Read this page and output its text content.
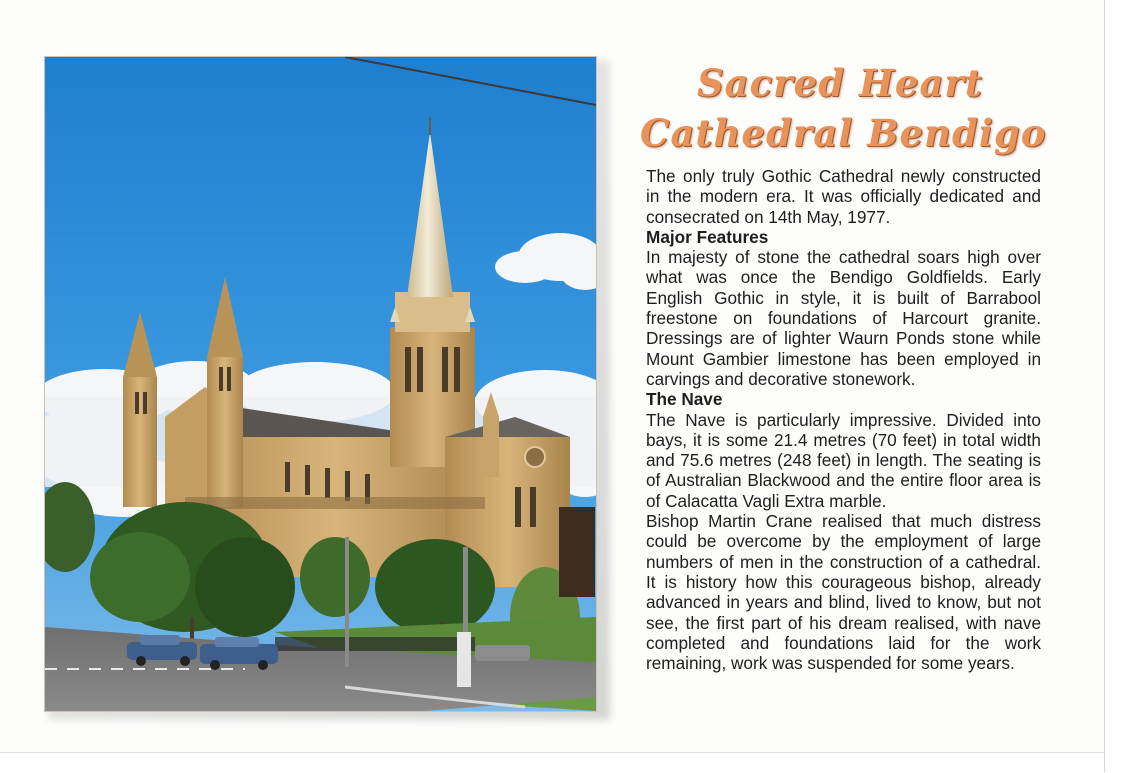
Sacred Heart
Cathedral Bendigo

The only truly Gothic Cathedral newly constructed in the modern era. It was officially dedicated and consecrated on 14th May, 1977.

Major Features

In majesty of stone the cathedral soars high over what was once the Bendigo Goldfields. Early English Gothic in style, it is built of Barrabool freestone on foundations of Harcourt granite. Dressings are of lighter Waurn Ponds stone while Mount Gambier limestone has been employed in carvings and decorative stonework.

The Nave

The Nave is particularly impressive. Divided into bays, it is some 21.4 metres (70 feet) in total width and 75.6 metres (248 feet) in length. The seating is of Australian Blackwood and the entire floor area is of Calacatta Vagli Extra marble.

Bishop Martin Crane realised that much distress could be overcome by the employment of large numbers of men in the construction of a cathedral. It is history how this courageous bishop, already advanced in years and blind, lived to know, but not see, the first part of his dream realised, with nave completed and foundations laid for the work remaining, work was suspended for some years.
